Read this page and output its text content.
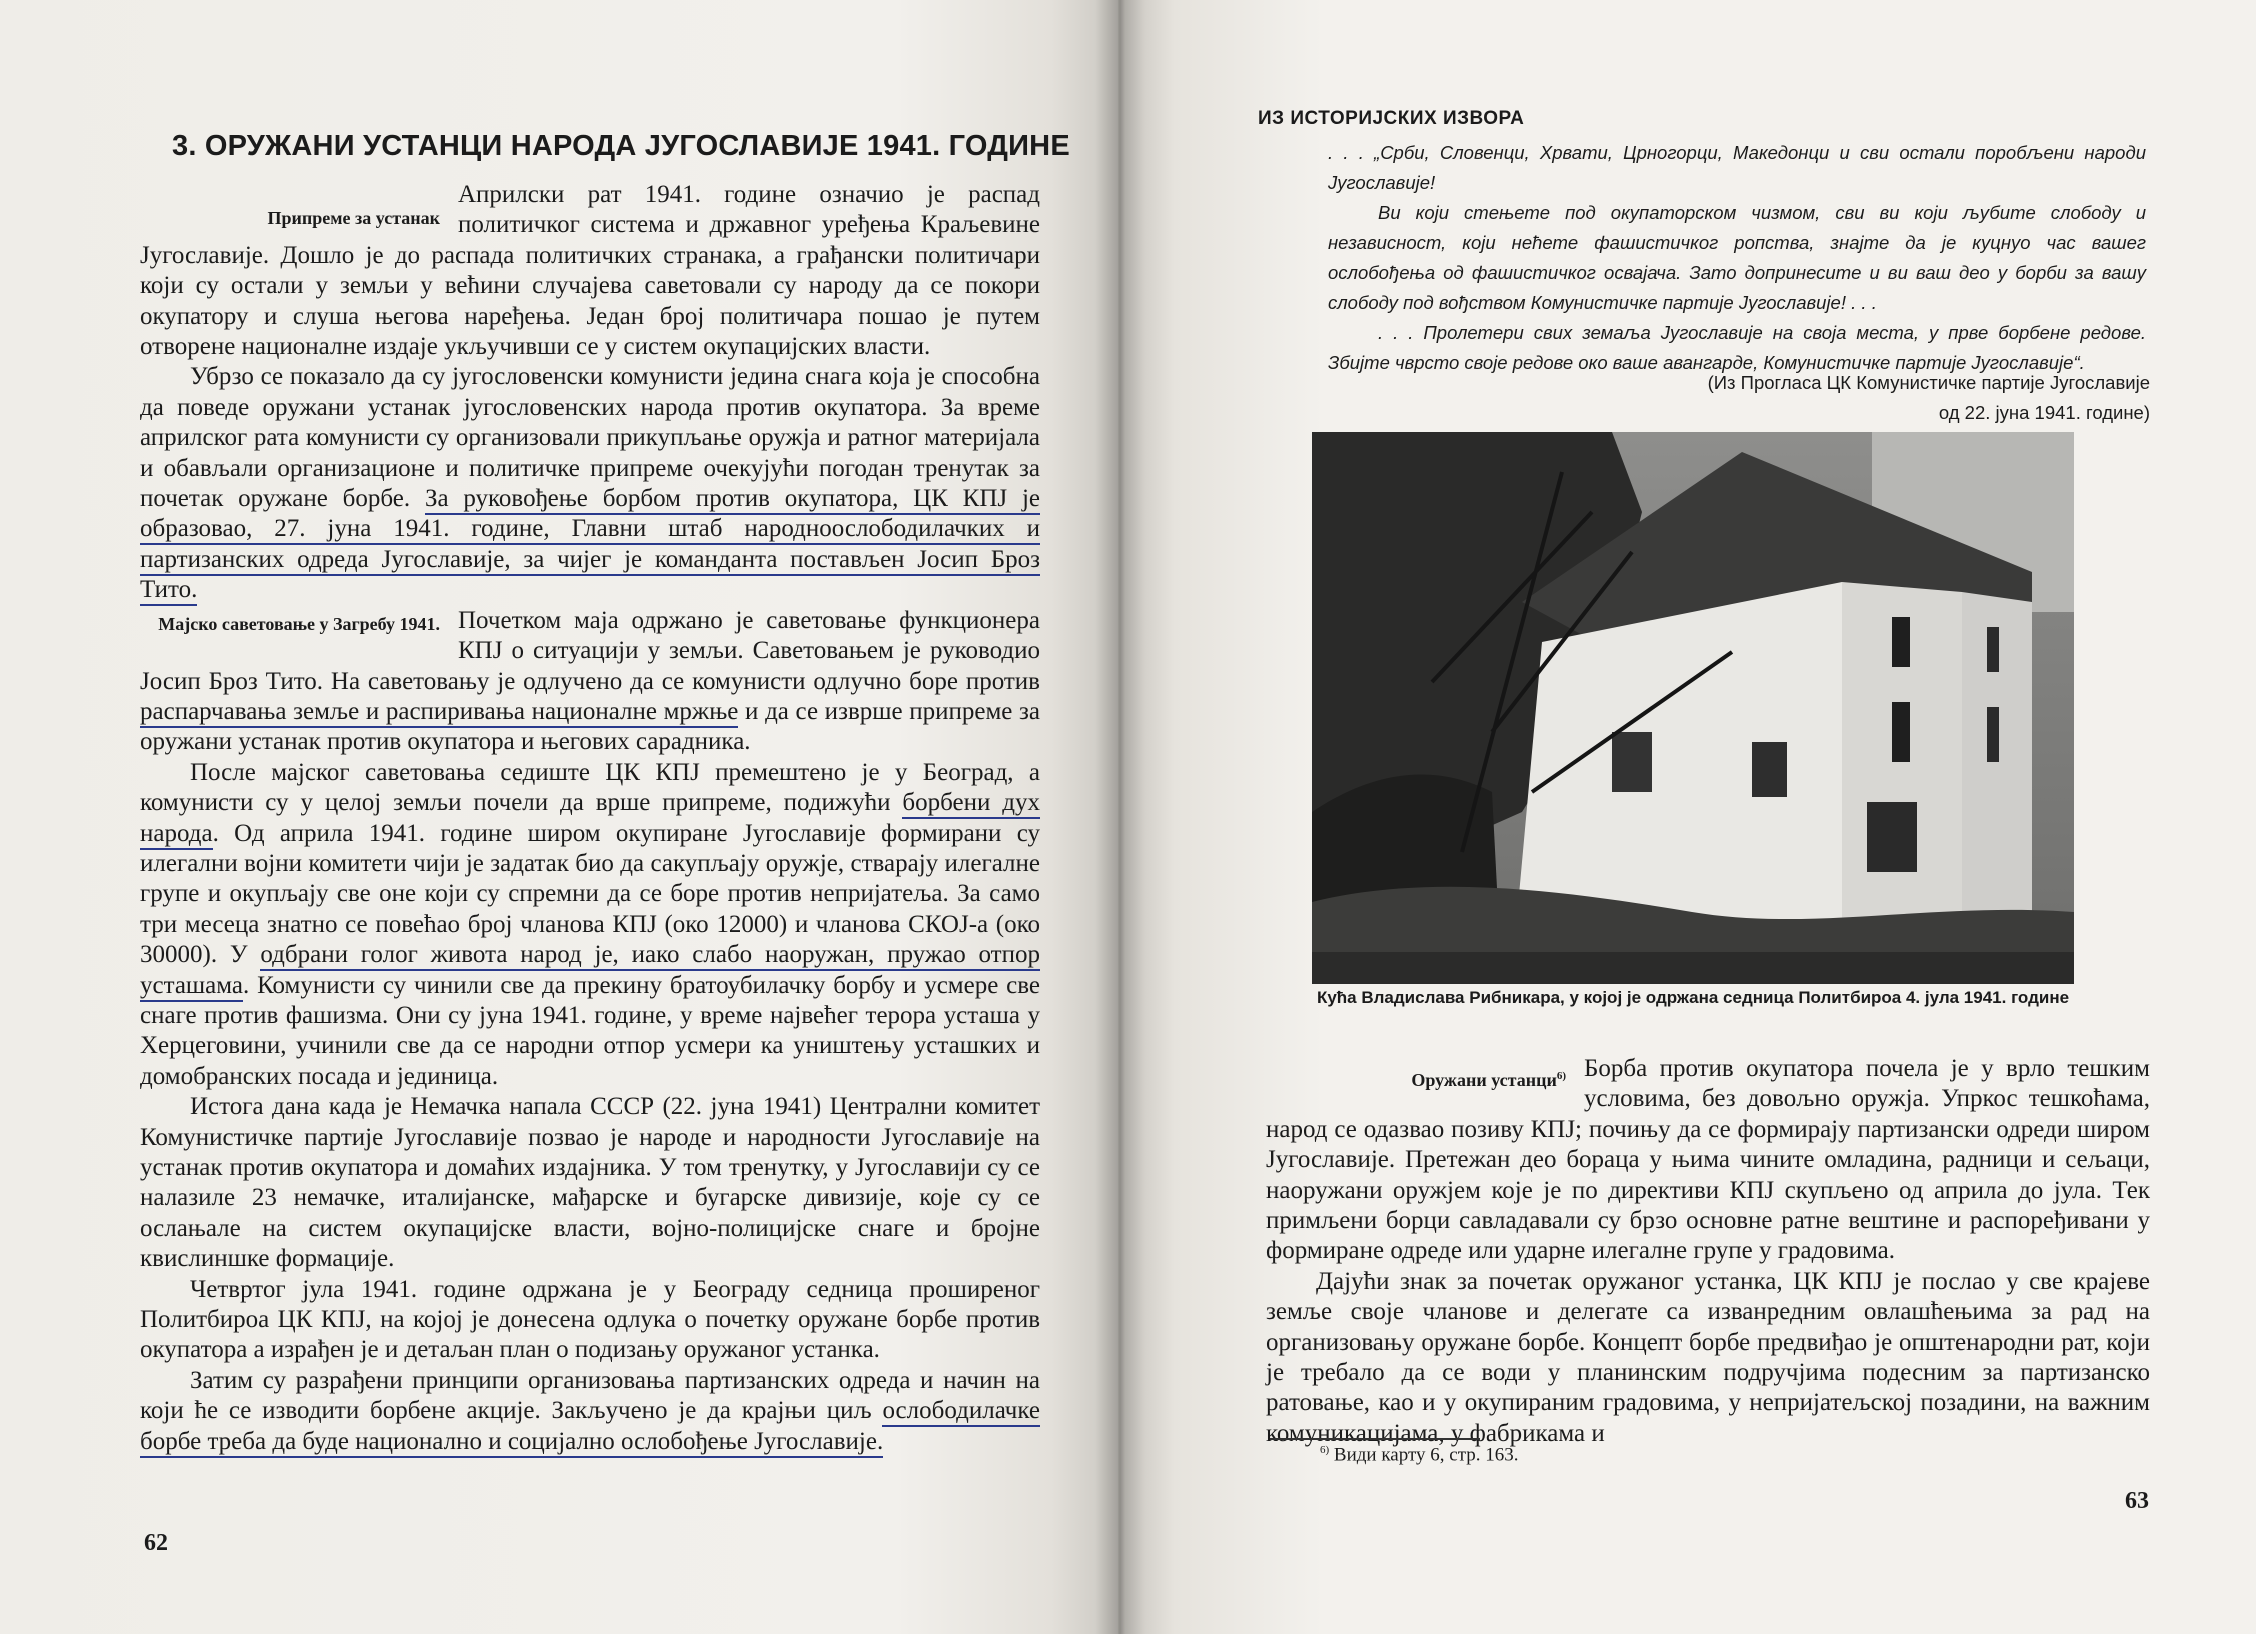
3. ОРУЖАНИ УСТАНЦИ НАРОДА ЈУГОСЛАВИЈЕ 1941. ГОДИНЕ

Припреме за устанак
Априлски рат 1941. године означио је распад политичког система и државног уређења Краљевине Југославије. Дошло је до распада политичких странака, а грађански политичари који су остали у земљи у већини случајева саветовали су народу да се покори окупатору и слуша његова наређења. Један број политичара пошао је путем отворене националне издаје укључивши се у систем окупацијских власти.

Убрзо се показало да су југословенски комунисти једина снага која је способна да поведе оружани устанак југословенских народа против окупатора. За време априлског рата комунисти су организовали прикупљање оружја и ратног материјала и обављали организационе и политичке припреме очекујући погодан тренутак за почетак оружане борбе. За руковођење борбом против окупатора, ЦК КПЈ је образовао, 27. јуна 1941. године, Главни штаб народноослободилачких и партизанских одреда Југославије, за чијег је команданта постављен Јосип Броз Тито.

Мајско саветовање у Загребу 1941. Почетком маја одржано је саветовање функционера КПЈ о ситуацији у земљи. Саветовањем је руководио Јосип Броз Тито. На саветовању је одлучено да се комунисти одлучно боре против распарчавања земље и распиривања националне мржње и да се изврше припреме за оружани устанак против окупатора и његових сарадника.

После мајског саветовања седиште ЦК КПЈ премештено је у Београд, а комунисти су у целој земљи почели да врше припреме, подижући борбени дух народа. Од априла 1941. године широм окупиране Југославије формирани су илегални војни комитети чији је задатак био да сакупљају оружје, стварају илегалне групе и окупљају све оне који су спремни да се боре против непријатеља. За само три месеца знатно се повећао број чланова КПЈ (око 12000) и чланова СКОЈ-а (око 30000). У одбрани голог живота народ је, иако слабо наоружан, пружао отпор усташама. Комунисти су чинили све да прекину братоубилачку борбу и усмере све снаге против фашизма. Они су јуна 1941. године, у време највећег терора усташа у Херцеговини, учинили све да се народни отпор усмери ка уништењу усташких и домобранских посада и јединица.

Истога дана када је Немачка напала СССР (22. јуна 1941) Централни комитет Комунистичке партије Југославије позвао је народе и народности Југославије на устанак против окупатора и домаћих издајника. У том тренутку, у Југославији су се налазиле 23 немачке, италијанске, мађарске и бугарске дивизије, које су се ослањале на систем окупацијске власти, војно-полицијске снаге и бројне квислиншке формације.

Четвртог јула 1941. године одржана је у Београду седница проширеног Политбироа ЦК КПЈ, на којој је донесена одлука о почетку оружане борбе против окупатора а израђен је и детаљан план о подизању оружаног устанка.

Затим су разрађени принципи организовања партизанских одреда и начин на који ће се изводити борбене акције. Закључено је да крајњи циљ ослободилачке борбе треба да буде национално и социјално ослобођење Југославије.

62
ИЗ ИСТОРИЈСКИХ ИЗВОРА

. . . „Срби, Словенци, Хрвати, Црногорци, Македонци и сви остали поробљени народи Југославије!

Ви који стењете под окупаторском чизмом, сви ви који љубите слободу и независност, који нећете фашистичког ропства, знајте да је куцнуо час вашег ослобођења од фашистичког освајача. Зато допринесите и ви ваш део у борби за вашу слободу под вођством Комунистичке партије Југославије! . . .

. . . Пролетери свих земаља Југославије на своја места, у прве борбене редове. Збијте чврсто своје редове око ваше авангарде, Комунистичке партије Југославије“.

(Из Прогласа ЦК Комунистичке партије Југославије од 22. јуна 1941. године)
Кућа Владислава Рибникара, у којој је одржана седница Политбироа 4. јула 1941. године

Оружани устанци$^{6)}$ Борба против окупатора почела је у врло тешким условима, без довољно оружја. Упркос тешкоћама, народ се одазвао позиву КПЈ; почињу да се формирају партизански одреди широм Југославије. Претежан део бораца у њима чините омладина, радници и сељаци, наоружани оружјем које је по директиви КПЈ скупљено од априла до јула. Тек примљени борци савладавали су брзо основне ратне вештине и распоређивани у формиране одреде или ударне илегалне групе у градовима.

Дајући знак за почетак оружаног устанка, ЦК КПЈ је послао у све крајеве земље своје чланове и делегате са изванредним овлашћењима за рад на организовању оружане борбе. Концепт борбе предвиђао је општенародни рат, који је требало да се води у планинским подручјима подесним за партизанско ратовање, као и у окупираним градовима, у непријатељској позадини, на важним комуникацијама, у фабрикама и

$^{6)}$ Види карту 6, стр. 163.
63
